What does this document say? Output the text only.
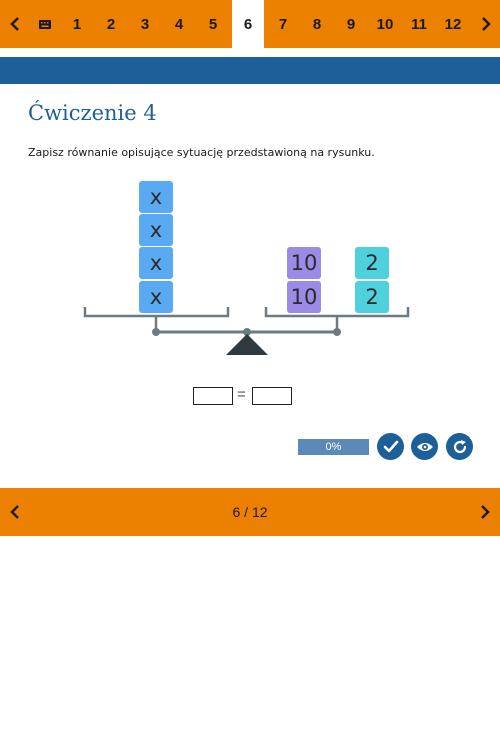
1	2	3	4	5	6	7	8	9	10	11	12
Ćwiczenie 4
Zapisz równanie opisujące sytuację przedstawioną na rysunku.
x
x
x
x
10
10
2
2
=
0%
6 / 12
